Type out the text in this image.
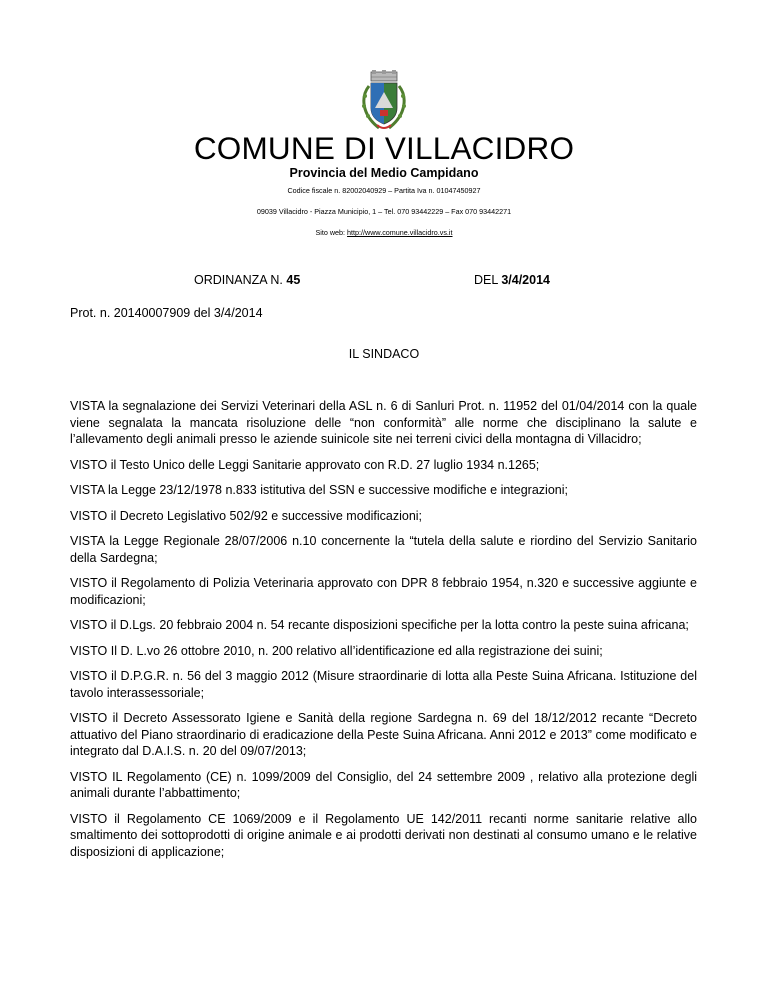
COMUNE DI VILLACIDRO
Provincia del Medio Campidano
Codice fiscale n. 82002040929 – Partita Iva n. 01047450927
09039 Villacidro - Piazza Municipio, 1 – Tel. 070 93442229 – Fax 070 93442271
Sito web: http://www.comune.villacidro.vs.it
ORDINANZA N. 45	DEL 3/4/2014
Prot. n. 20140007909 del 3/4/2014
IL SINDACO

VISTA la segnalazione dei Servizi Veterinari della ASL n. 6 di Sanluri Prot. n. 11952 del 01/04/2014 con la quale viene segnalata la mancata risoluzione delle “non conformità” alle norme che disciplinano la salute e l’allevamento degli animali presso le aziende suinicole site nei terreni civici della montagna di Villacidro;

VISTO il Testo Unico delle Leggi Sanitarie approvato con R.D. 27 luglio 1934 n.1265;

VISTA la Legge 23/12/1978 n.833 istitutiva del SSN e successive modifiche e integrazioni;

VISTO il Decreto Legislativo 502/92 e successive modificazioni;

VISTA la Legge Regionale 28/07/2006 n.10 concernente la “tutela della salute e riordino del Servizio Sanitario della Sardegna;

VISTO il Regolamento di Polizia Veterinaria approvato con DPR 8 febbraio 1954, n.320 e successive aggiunte e modificazioni;

VISTO il D.Lgs. 20 febbraio 2004 n. 54 recante disposizioni specifiche per la lotta contro la peste suina africana;

VISTO Il D. L.vo 26 ottobre 2010, n. 200 relativo all’identificazione ed alla registrazione dei suini;

VISTO il D.P.G.R. n. 56 del 3 maggio 2012 (Misure straordinarie di lotta alla Peste Suina Africana. Istituzione del tavolo interassessoriale;

VISTO il Decreto Assessorato Igiene e Sanità della regione Sardegna n. 69 del 18/12/2012 recante “Decreto attuativo del Piano straordinario di eradicazione della Peste Suina Africana. Anni 2012 e 2013” come modificato e integrato dal D.A.I.S. n. 20 del 09/07/2013;

VISTO IL Regolamento (CE) n. 1099/2009 del Consiglio, del 24 settembre 2009 , relativo alla protezione degli animali durante l’abbattimento;

VISTO il Regolamento CE 1069/2009 e il Regolamento UE 142/2011 recanti norme sanitarie relative allo smaltimento dei sottoprodotti di origine animale e ai prodotti derivati non destinati al consumo umano e le relative disposizioni di applicazione;
